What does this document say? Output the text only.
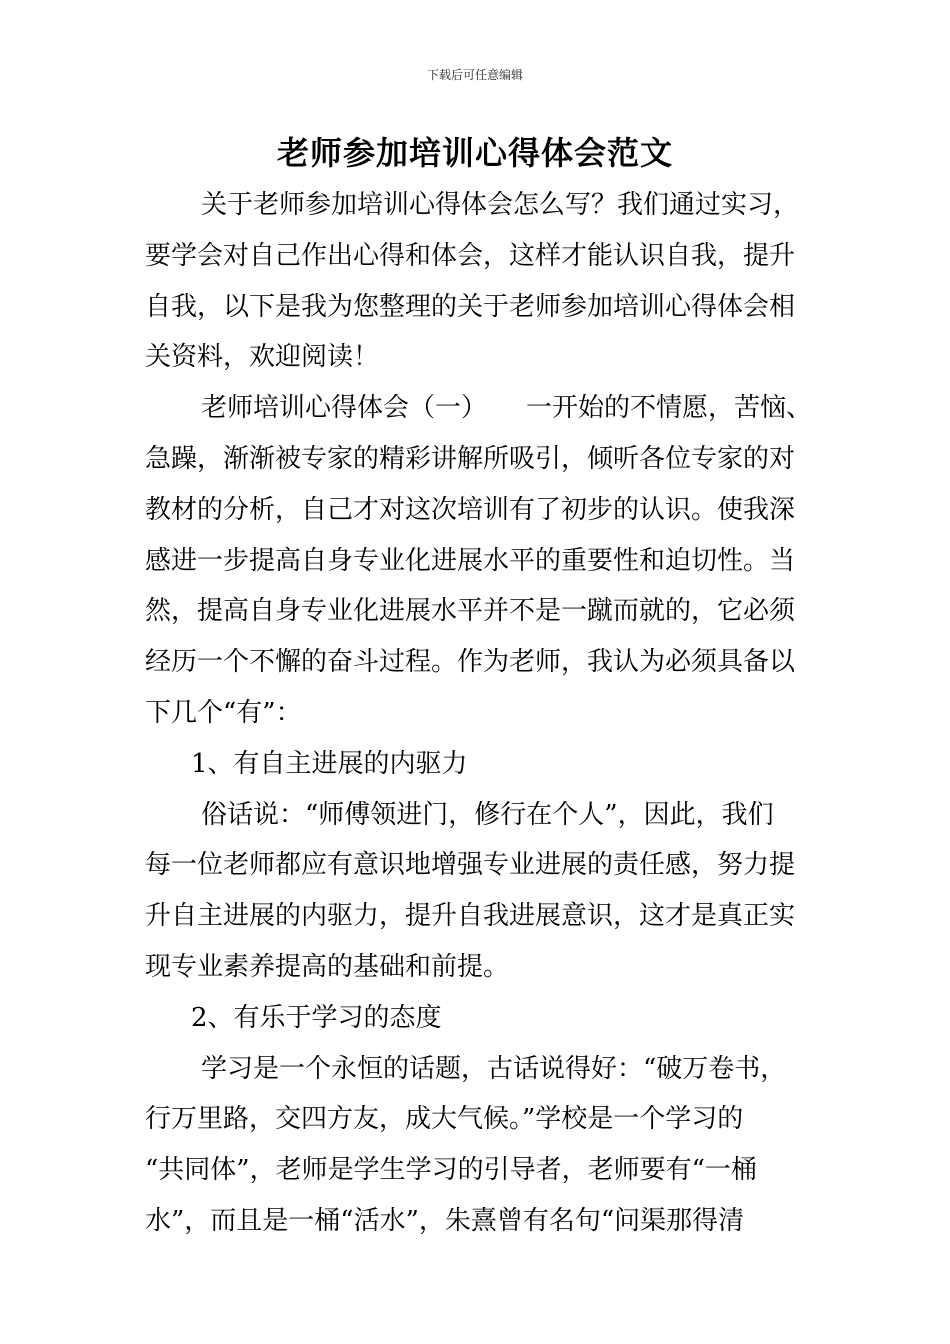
下载后可任意编辑
老师参加培训心得体会范文
关于老师参加培训心得体会怎么写？我们通过实习，
要学会对自己作出心得和体会，这样才能认识自我，提升
自我，以下是我为您整理的关于老师参加培训心得体会相
关资料，欢迎阅读！
老师培训心得体会（一）　　一开始的不情愿，苦恼、
急躁，渐渐被专家的精彩讲解所吸引，倾听各位专家的对
教材的分析，自己才对这次培训有了初步的认识。使我深
感进一步提高自身专业化进展水平的重要性和迫切性。当
然，提高自身专业化进展水平并不是一蹴而就的，它必须
经历一个不懈的奋斗过程。作为老师，我认为必须具备以
下几个“有”：
1、有自主进展的内驱力
俗话说：“师傅领进门，修行在个人”，因此，我们
每一位老师都应有意识地增强专业进展的责任感，努力提
升自主进展的内驱力，提升自我进展意识，这才是真正实
现专业素养提高的基础和前提。
2、有乐于学习的态度
学习是一个永恒的话题，古话说得好：“破万卷书，
行万里路，交四方友，成大气候。”学校是一个学习的
“共同体”，老师是学生学习的引导者，老师要有“一桶
水”，而且是一桶“活水”，朱熹曾有名句“问渠那得清
